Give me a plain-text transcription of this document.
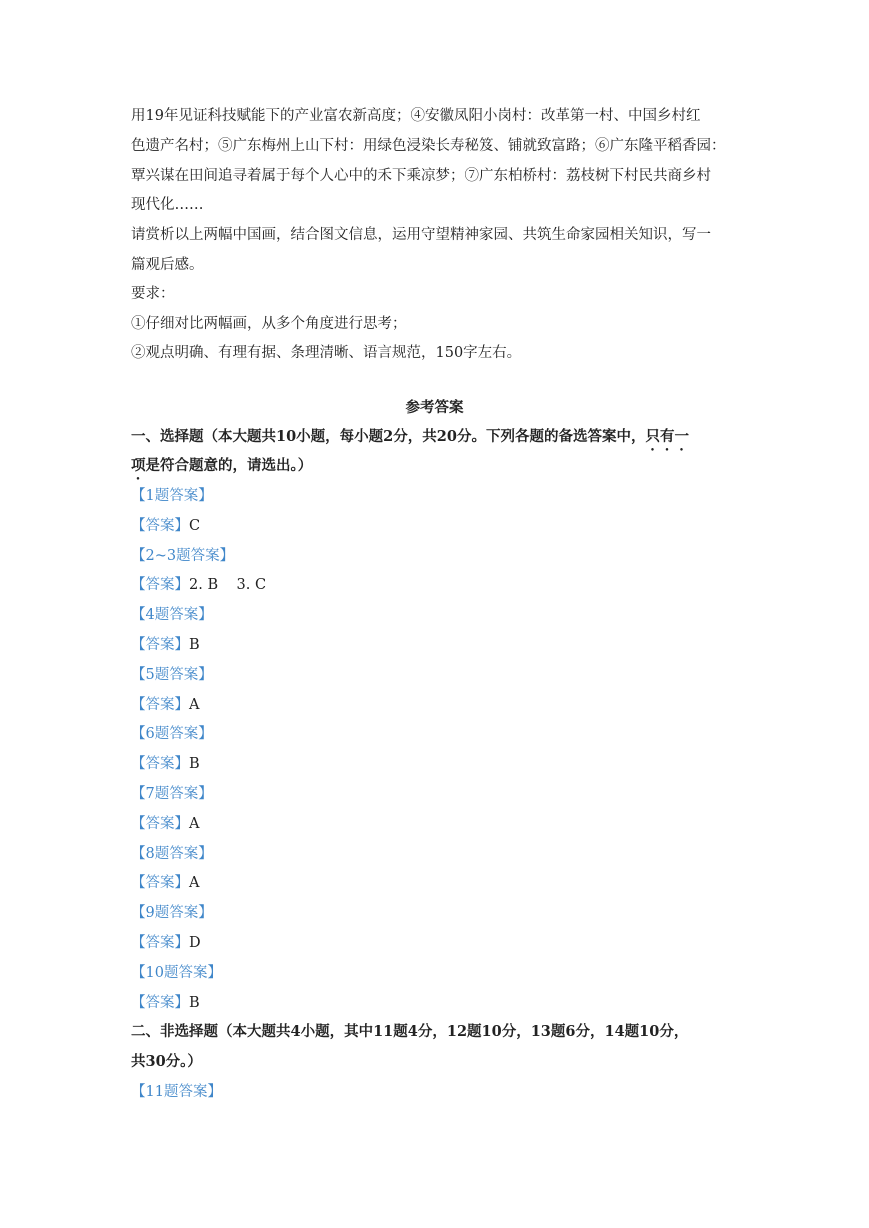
用19年见证科技赋能下的产业富农新高度；④安徽凤阳小岗村：改革第一村、中国乡村红
色遗产名村；⑤广东梅州上山下村：用绿色浸染长寿秘笈、铺就致富路；⑥广东隆平稻香园：
覃兴谋在田间追寻着属于每个人心中的禾下乘凉梦；⑦广东柏桥村：荔枝树下村民共商乡村
现代化……
请赏析以上两幅中国画，结合图文信息，运用守望精神家园、共筑生命家园相关知识，写一
篇观后感。
要求：
①仔细对比两幅画，从多个角度进行思考；
②观点明确、有理有据、条理清晰、语言规范，150字左右。
参考答案
一、选择题（本大题共10小题，每小题2分，共20分。下列各题的备选答案中，只有一
项是符合题意的，请选出。）
二、非选择题（本大题共4小题，其中11题4分，12题10分，13题6分，14题10分，
共30分。）
【11题答案】
【1题答案】
【答案】C
【2~3题答案】
【答案】2. B    3. C
【4题答案】
【答案】B
【5题答案】
【答案】A
【6题答案】
【答案】B
【7题答案】
【答案】A
【8题答案】
【答案】A
【9题答案】
【答案】D
【10题答案】
【答案】B
